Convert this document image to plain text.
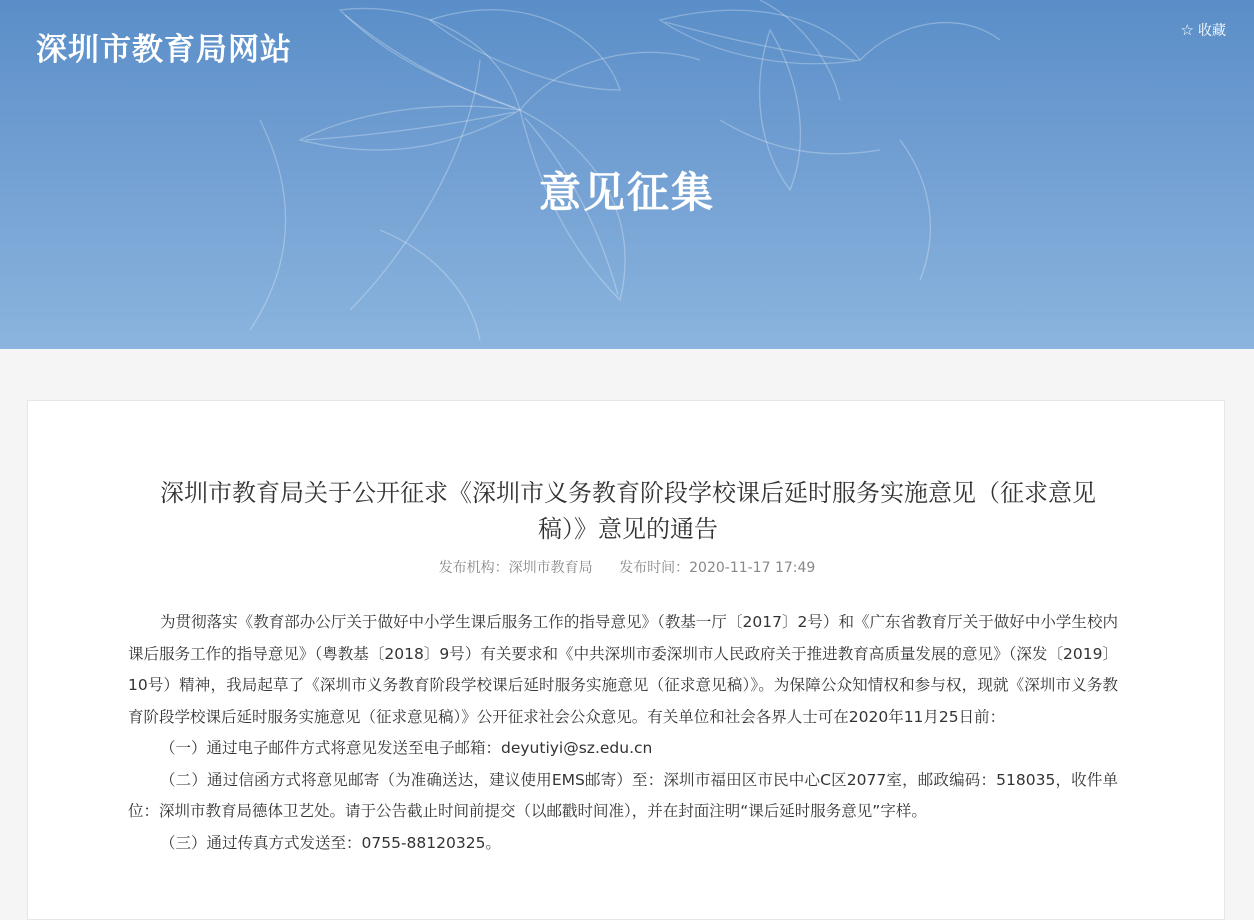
深圳市教育局网站
☆ 收藏
意见征集
深圳市教育局关于公开征求《深圳市义务教育阶段学校课后延时服务实施意见（征求意见稿）》意见的通告
发布机构：深圳市教育局 发布时间：2020-11-17 17:49

为贯彻落实《教育部办公厅关于做好中小学生课后服务工作的指导意见》（教基一厅〔2017〕2号）和《广东省教育厅关于做好中小学生校内课后服务工作的指导意见》（粤教基〔2018〕9号）有关要求和《中共深圳市委深圳市人民政府关于推进教育高质量发展的意见》（深发〔2019〕10号）精神，我局起草了《深圳市义务教育阶段学校课后延时服务实施意见（征求意见稿）》。为保障公众知情权和参与权，现就《深圳市义务教育阶段学校课后延时服务实施意见（征求意见稿）》公开征求社会公众意见。有关单位和社会各界人士可在2020年11月25日前：

（一）通过电子邮件方式将意见发送至电子邮箱：deyutiyi@sz.edu.cn

（二）通过信函方式将意见邮寄（为准确送达，建议使用EMS邮寄）至：深圳市福田区市民中心C区2077室，邮政编码：518035，收件单位：深圳市教育局德体卫艺处。请于公告截止时间前提交（以邮戳时间准），并在封面注明“课后延时服务意见”字样。

（三）通过传真方式发送至：0755-88120325。
